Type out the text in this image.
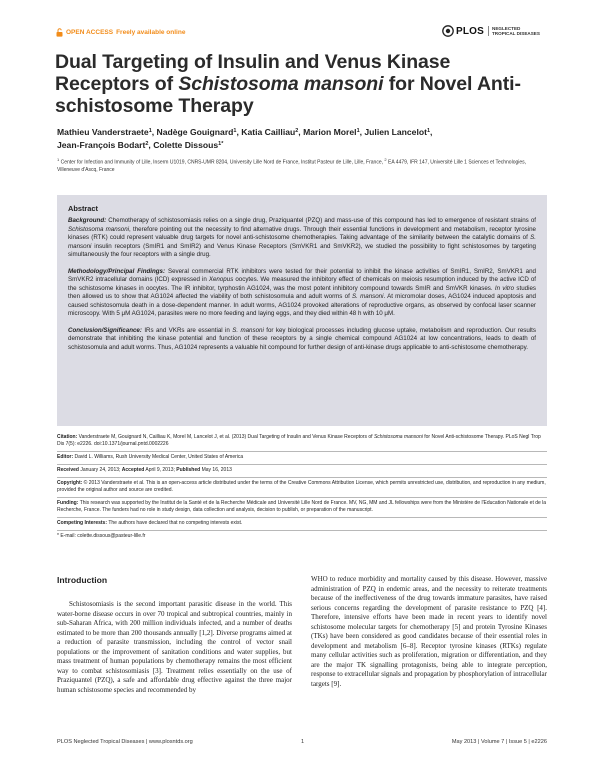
OPEN ACCESS Freely available online	PLOS NEGLECTED
TROPICAL DISEASES
Dual Targeting of Insulin and Venus Kinase Receptors of Schistosoma mansoni for Novel Anti-schistosome Therapy
Mathieu Vanderstraete$^1$, Nadège Gouignard$^1$, Katia Cailliau$^2$, Marion Morel$^1$, Julien Lancelot$^1$,
Jean-François Bodart$^2$, Colette Dissous$^{1*}$
$^1$ Center for Infection and Immunity of Lille, Inserm U1019, CNRS-UMR 8204, University Lille Nord de France, Institut Pasteur de Lille, Lille, France, $^2$ EA 4479, IFR 147, Université Lille 1 Sciences et Technologies, Villeneuve d'Ascq, France
Abstract

Background: Chemotherapy of schistosomiasis relies on a single drug, Praziquantel (PZQ) and mass-use of this compound has led to emergence of resistant strains of Schistosoma mansoni, therefore pointing out the necessity to find alternative drugs. Through their essential functions in development and metabolism, receptor tyrosine kinases (RTK) could represent valuable drug targets for novel anti-schistosome chemotherapies. Taking advantage of the similarity between the catalytic domains of S. mansoni insulin receptors (SmIR1 and SmIR2) and Venus Kinase Receptors (SmVKR1 and SmVKR2), we studied the possibility to fight schistosomes by targeting simultaneously the four receptors with a single drug.

Methodology/Principal Findings: Several commercial RTK inhibitors were tested for their potential to inhibit the kinase activities of SmIR1, SmIR2, SmVKR1 and SmVKR2 intracellular domains (ICD) expressed in Xenopus oocytes. We measured the inhibitory effect of chemicals on meiosis resumption induced by the active ICD of the schistosome kinases in oocytes. The IR inhibitor, tyrphostin AG1024, was the most potent inhibitory compound towards SmIR and SmVKR kinases. In vitro studies then allowed us to show that AG1024 affected the viability of both schistosomula and adult worms of S. mansoni. At micromolar doses, AG1024 induced apoptosis and caused schistosomula death in a dose-dependent manner. In adult worms, AG1024 provoked alterations of reproductive organs, as observed by confocal laser scanner microscopy. With 5 μM AG1024, parasites were no more feeding and laying eggs, and they died within 48 h with 10 μM.

Conclusion/Significance: IRs and VKRs are essential in S. mansoni for key biological processes including glucose uptake, metabolism and reproduction. Our results demonstrate that inhibiting the kinase potential and function of these receptors by a single chemical compound AG1024 at low concentrations, leads to death of schistosomula and adult worms. Thus, AG1024 represents a valuable hit compound for further design of anti-kinase drugs applicable to anti-schistosome chemotherapy.

Citation: Vanderstraete M, Gouignard N, Cailliau K, Morel M, Lancelot J, et al. (2013) Dual Targeting of Insulin and Venus Kinase Receptors of Schistosoma mansoni for Novel Anti-schistosome Therapy. PLoS Negl Trop Dis 7(5): e2226. doi:10.1371/journal.pntd.0002226
Editor: David L. Williams, Rush University Medical Center, United States of America
Received January 24, 2013; Accepted April 9, 2013; Published May 16, 2013
Copyright: © 2013 Vanderstraete et al. This is an open-access article distributed under the terms of the Creative Commons Attribution License, which permits unrestricted use, distribution, and reproduction in any medium, provided the original author and source are credited.
Funding: This research was supported by the Institut de la Santé et de la Recherche Médicale and Université Lille Nord de France. MV, NG, MM and JL fellowships were from the Ministère de l'Education Nationale et de la Recherche, France. The funders had no role in study design, data collection and analysis, decision to publish, or preparation of the manuscript.
Competing Interests: The authors have declared that no competing interests exist.
* E-mail: colette.dissous@pasteur-lille.fr
Introduction

Schistosomiasis is the second important parasitic disease in the world. This water-borne disease occurs in over 70 tropical and subtropical countries, mainly in sub-Saharan Africa, with 200 million individuals infected, and a number of deaths estimated to be more than 200 thousands annually [1,2]. Diverse programs aimed at a reduction of parasite transmission, including the control of vector snail populations or the improvement of sanitation conditions and water supplies, but mass treatment of human populations by chemotherapy remains the most efficient way to combat schistosomiasis [3]. Treatment relies essentially on the use of Praziquantel (PZQ), a safe and affordable drug effective against the three major human schistosome species and recommended by

WHO to reduce morbidity and mortality caused by this disease. However, massive administration of PZQ in endemic areas, and the necessity to reiterate treatments because of the ineffectiveness of the drug towards immature parasites, have raised serious concerns regarding the development of parasite resistance to PZQ [4]. Therefore, intensive efforts have been made in recent years to identify novel schistosome molecular targets for chemotherapy [5] and protein Tyrosine Kinases (TKs) have been considered as good candidates because of their essential roles in development and metabolism [6–8]. Receptor tyrosine kinases (RTKs) regulate many cellular activities such as proliferation, migration or differentiation, and they are the major TK signalling protagonists, being able to integrate perception, response to extracellular signals and propagation by phosphorylation of intracellular targets [9].

PLOS Neglected Tropical Diseases | www.plosntds.org	1	May 2013 | Volume 7 | Issue 5 | e2226
